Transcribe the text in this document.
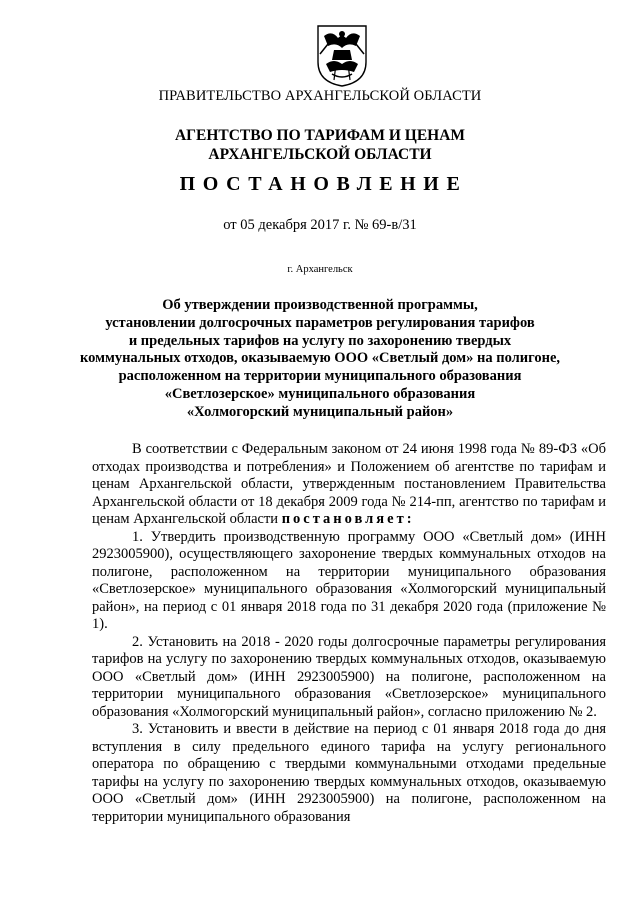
ПРАВИТЕЛЬСТВО АРХАНГЕЛЬСКОЙ ОБЛАСТИ
АГЕНТСТВО ПО ТАРИФАМ И ЦЕНАМ
АРХАНГЕЛЬСКОЙ ОБЛАСТИ
ПОСТАНОВЛЕНИЕ
от 05 декабря 2017 г. № 69-в/31
г. Архангельск
Об утверждении производственной программы,
установлении долгосрочных параметров регулирования тарифов
и предельных тарифов на услугу по захоронению твердых
коммунальных отходов, оказываемую ООО «Светлый дом» на полигоне,
расположенном на территории муниципального образования
«Светлозерское» муниципального образования
«Холмогорский муниципальный район»

В соответствии с Федеральным законом от 24 июня 1998 года № 89-ФЗ «Об отходах производства и потребления» и Положением об агентстве по тарифам и ценам Архангельской области, утвержденным постановлением Правительства Архангельской области от 18 декабря 2009 года № 214-пп, агентство по тарифам и ценам Архангельской области постановляет:

1. Утвердить производственную программу ООО «Светлый дом» (ИНН 2923005900), осуществляющего захоронение твердых коммунальных отходов на полигоне, расположенном на территории муниципального образования «Светлозерское» муниципального образования «Холмогорский муниципальный район», на период с 01 января 2018 года по 31 декабря 2020 года (приложение № 1).

2. Установить на 2018 - 2020 годы долгосрочные параметры регулирования тарифов на услугу по захоронению твердых коммунальных отходов, оказываемую ООО «Светлый дом» (ИНН 2923005900) на полигоне, расположенном на территории муниципального образования «Светлозерское» муниципального образования «Холмогорский муниципальный район», согласно приложению № 2.

3. Установить и ввести в действие на период с 01 января 2018 года до дня вступления в силу предельного единого тарифа на услугу регионального оператора по обращению с твердыми коммунальными отходами предельные тарифы на услугу по захоронению твердых коммунальных отходов, оказываемую ООО «Светлый дом» (ИНН 2923005900) на полигоне, расположенном на территории муниципального образования
